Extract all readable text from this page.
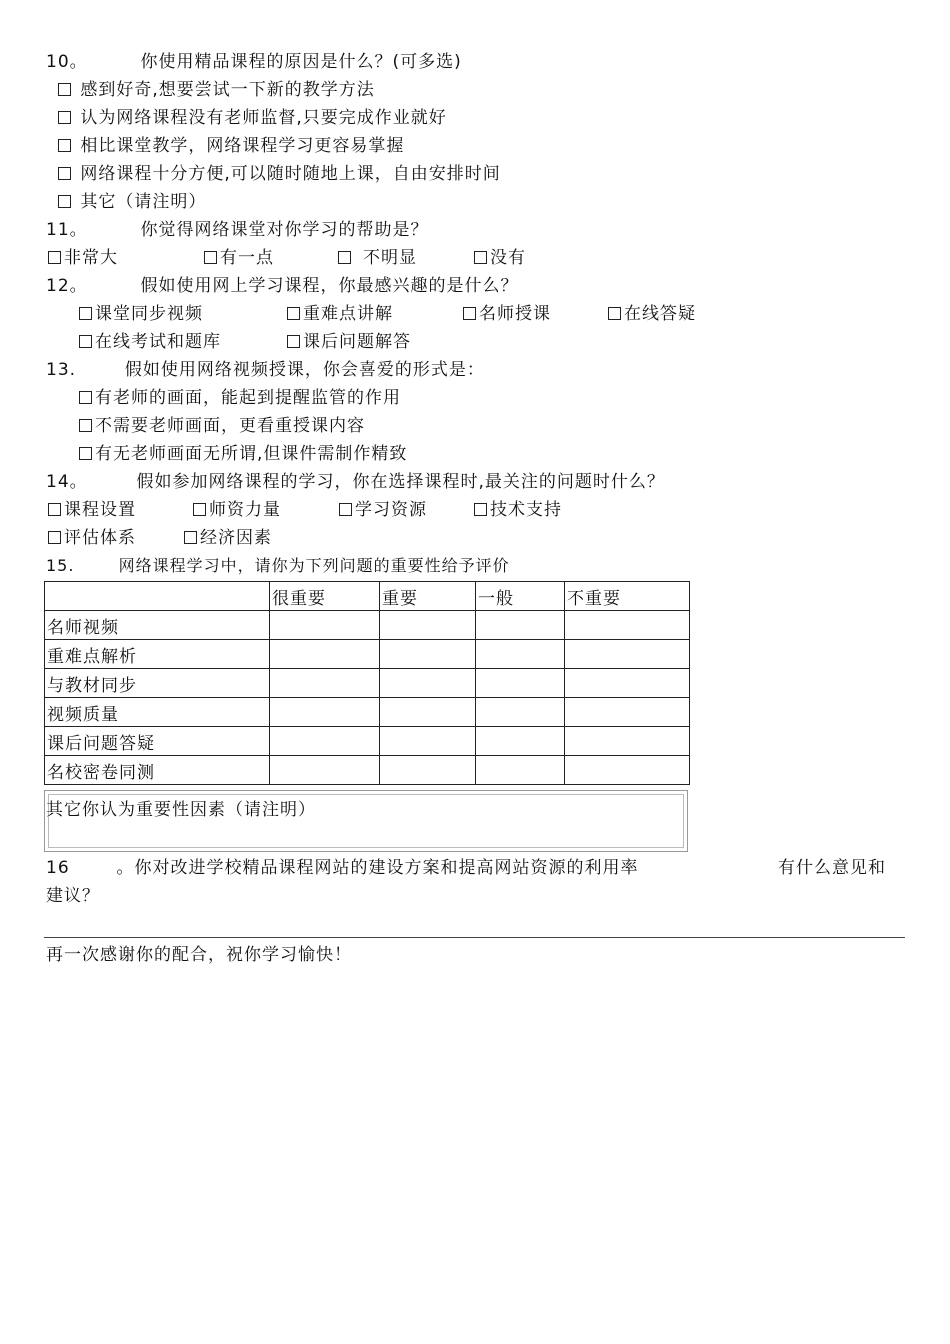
10。	你使用精品课程的原因是什么？(可多选)
感到好奇,想要尝试一下新的教学方法
认为网络课程没有老师监督,只要完成作业就好
相比课堂教学，网络课程学习更容易掌握
网络课程十分方便,可以随时随地上课，自由安排时间
其它（请注明）
11。	你觉得网络课堂对你学习的帮助是？
非常大	有一点	不明显	没有
12。	假如使用网上学习课程，你最感兴趣的是什么？
课堂同步视频	重难点讲解	名师授课	在线答疑
在线考试和题库	课后问题解答
13.	假如使用网络视频授课，你会喜爱的形式是：
有老师的画面，能起到提醒监管的作用
不需要老师画面，更看重授课内容
有无老师画面无所谓,但课件需制作精致
14。	假如参加网络课程的学习，你在选择课程时,最关注的问题时什么？
课程设置	师资力量	学习资源	技术支持
评估体系	经济因素
15.	网络课程学习中，请你为下列问题的重要性给予评价
	很重要	重要	一般	不重要
名师视频				
重难点解析				
与教材同步				
视频质量				
课后问题答疑				
名校密卷同测				
其它你认为重要性因素（请注明）
16	。你对改进学校精品课程网站的建设方案和提高网站资源的利用率	有什么意见和
建议？
再一次感谢你的配合，祝你学习愉快！
